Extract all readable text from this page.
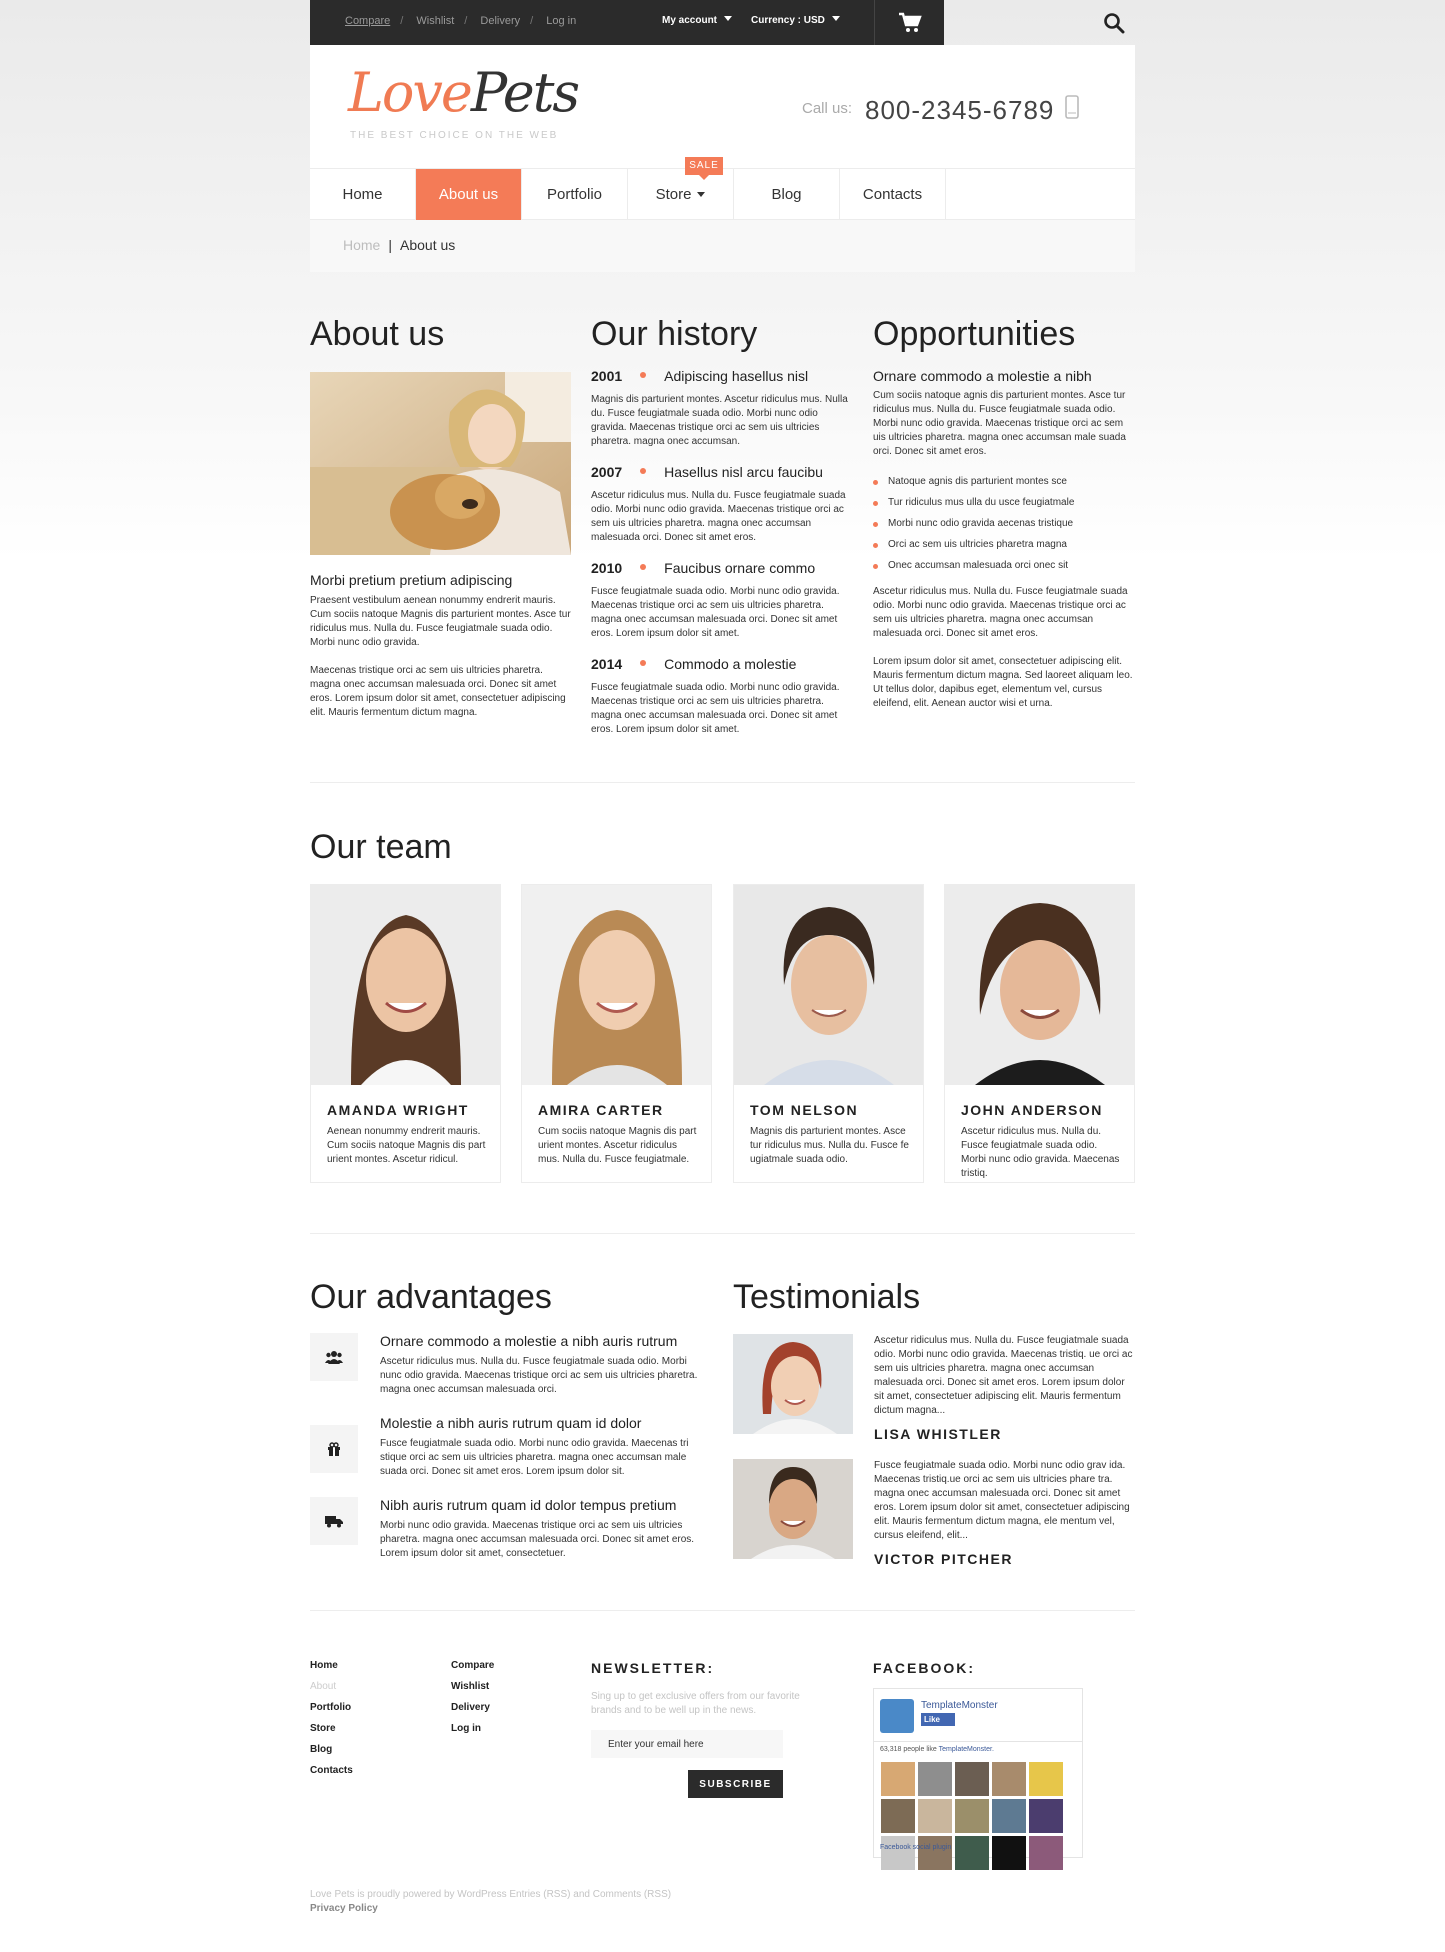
Compare / Wishlist / Delivery / Log in	My account	Currency : USD
LovePets
THE BEST CHOICE ON THE WEB
Call us: 800-2345-6789
Home	About us	Portfolio
SALE
Store	Blog	Contacts
Home | About us
About us
Morbi pretium pretium adipiscing

Praesent vestibulum aenean nonummy endrerit mauris. Cum sociis natoque Magnis dis parturient montes. Asce tur ridiculus mus. Nulla du. Fusce feugiatmale suada odio. Morbi nunc odio gravida.

Maecenas tristique orci ac sem uis ultricies pharetra. magna onec accumsan malesuada orci. Donec sit amet eros. Lorem ipsum dolor sit amet, consectetuer adipiscing elit. Mauris fermentum dictum magna.

Our history
2001	Adipiscing hasellus nisl

Magnis dis parturient montes. Ascetur ridiculus mus. Nulla du. Fusce feugiatmale suada odio. Morbi nunc odio gravida. Maecenas tristique orci ac sem uis ultricies pharetra. magna onec accumsan.

2007	Hasellus nisl arcu faucibu

Ascetur ridiculus mus. Nulla du. Fusce feugiatmale suada odio. Morbi nunc odio gravida. Maecenas tristique orci ac sem uis ultricies pharetra. magna onec accumsan malesuada orci. Donec sit amet eros.

2010	Faucibus ornare commo

Fusce feugiatmale suada odio. Morbi nunc odio gravida. Maecenas tristique orci ac sem uis ultricies pharetra. magna onec accumsan malesuada orci. Donec sit amet eros. Lorem ipsum dolor sit amet.

2014	Commodo a molestie

Fusce feugiatmale suada odio. Morbi nunc odio gravida. Maecenas tristique orci ac sem uis ultricies pharetra. magna onec accumsan malesuada orci. Donec sit amet eros. Lorem ipsum dolor sit amet.

Opportunities
Ornare commodo a molestie a nibh

Cum sociis natoque agnis dis parturient montes. Asce tur ridiculus mus. Nulla du. Fusce feugiatmale suada odio. Morbi nunc odio gravida. Maecenas tristique orci ac sem uis ultricies pharetra. magna onec accumsan male suada orci. Donec sit amet eros.

Natoque agnis dis parturient montes sce
Tur ridiculus mus ulla du usce feugiatmale
Morbi nunc odio gravida aecenas tristique
Orci ac sem uis ultricies pharetra magna
Onec accumsan malesuada orci onec sit

Ascetur ridiculus mus. Nulla du. Fusce feugiatmale suada odio. Morbi nunc odio gravida. Maecenas tristique orci ac sem uis ultricies pharetra. magna onec accumsan malesuada orci. Donec sit amet eros.

Lorem ipsum dolor sit amet, consectetuer adipiscing elit. Mauris fermentum dictum magna. Sed laoreet aliquam leo. Ut tellus dolor, dapibus eget, elementum vel, cursus eleifend, elit. Aenean auctor wisi et urna.

Our team
AMANDA WRIGHT

Aenean nonummy endrerit mauris. Cum sociis natoque Magnis dis part urient montes. Ascetur ridicul.

AMIRA CARTER

Cum sociis natoque Magnis dis part urient montes. Ascetur ridiculus mus. Nulla du. Fusce feugiatmale.

TOM NELSON

Magnis dis parturient montes. Asce tur ridiculus mus. Nulla du. Fusce fe ugiatmale suada odio.

JOHN ANDERSON

Ascetur ridiculus mus. Nulla du. Fusce feugiatmale suada odio. Morbi nunc odio gravida. Maecenas tristiq.

Our advantages
Ornare commodo a molestie a nibh auris rutrum

Ascetur ridiculus mus. Nulla du. Fusce feugiatmale suada odio. Morbi nunc odio gravida. Maecenas tristique orci ac sem uis ultricies pharetra. magna onec accumsan malesuada orci.

Molestie a nibh auris rutrum quam id dolor

Fusce feugiatmale suada odio. Morbi nunc odio gravida. Maecenas tri stique orci ac sem uis ultricies pharetra. magna onec accumsan male suada orci. Donec sit amet eros. Lorem ipsum dolor sit.

Nibh auris rutrum quam id dolor tempus pretium

Morbi nunc odio gravida. Maecenas tristique orci ac sem uis ultricies pharetra. magna onec accumsan malesuada orci. Donec sit amet eros. Lorem ipsum dolor sit amet, consectetuer.

Testimonials

Ascetur ridiculus mus. Nulla du. Fusce feugiatmale suada odio. Morbi nunc odio gravida. Maecenas tristiq. ue orci ac sem uis ultricies pharetra. magna onec accumsan malesuada orci. Donec sit amet eros. Lorem ipsum dolor sit amet, consectetuer adipiscing elit. Mauris fermentum dictum magna...

LISA WHISTLER

Fusce feugiatmale suada odio. Morbi nunc odio grav ida. Maecenas tristiq.ue orci ac sem uis ultricies phare tra. magna onec accumsan malesuada orci. Donec sit amet eros. Lorem ipsum dolor sit amet, consectetuer adipiscing elit. Mauris fermentum dictum magna, ele mentum vel, cursus eleifend, elit...

VICTOR PITCHER
Home
About
Portfolio
Store
Blog
Contacts
Compare
Wishlist
Delivery
Log in
NEWSLETTER:
Sing up to get exclusive offers from our favorite brands and to be well up in the news.
Enter your email here
SUBSCRIBE
FACEBOOK:
TemplateMonster
Like
63,318 people like TemplateMonster.
Facebook social plugin
Love Pets is proudly powered by WordPress Entries (RSS) and Comments (RSS)
Privacy Policy
